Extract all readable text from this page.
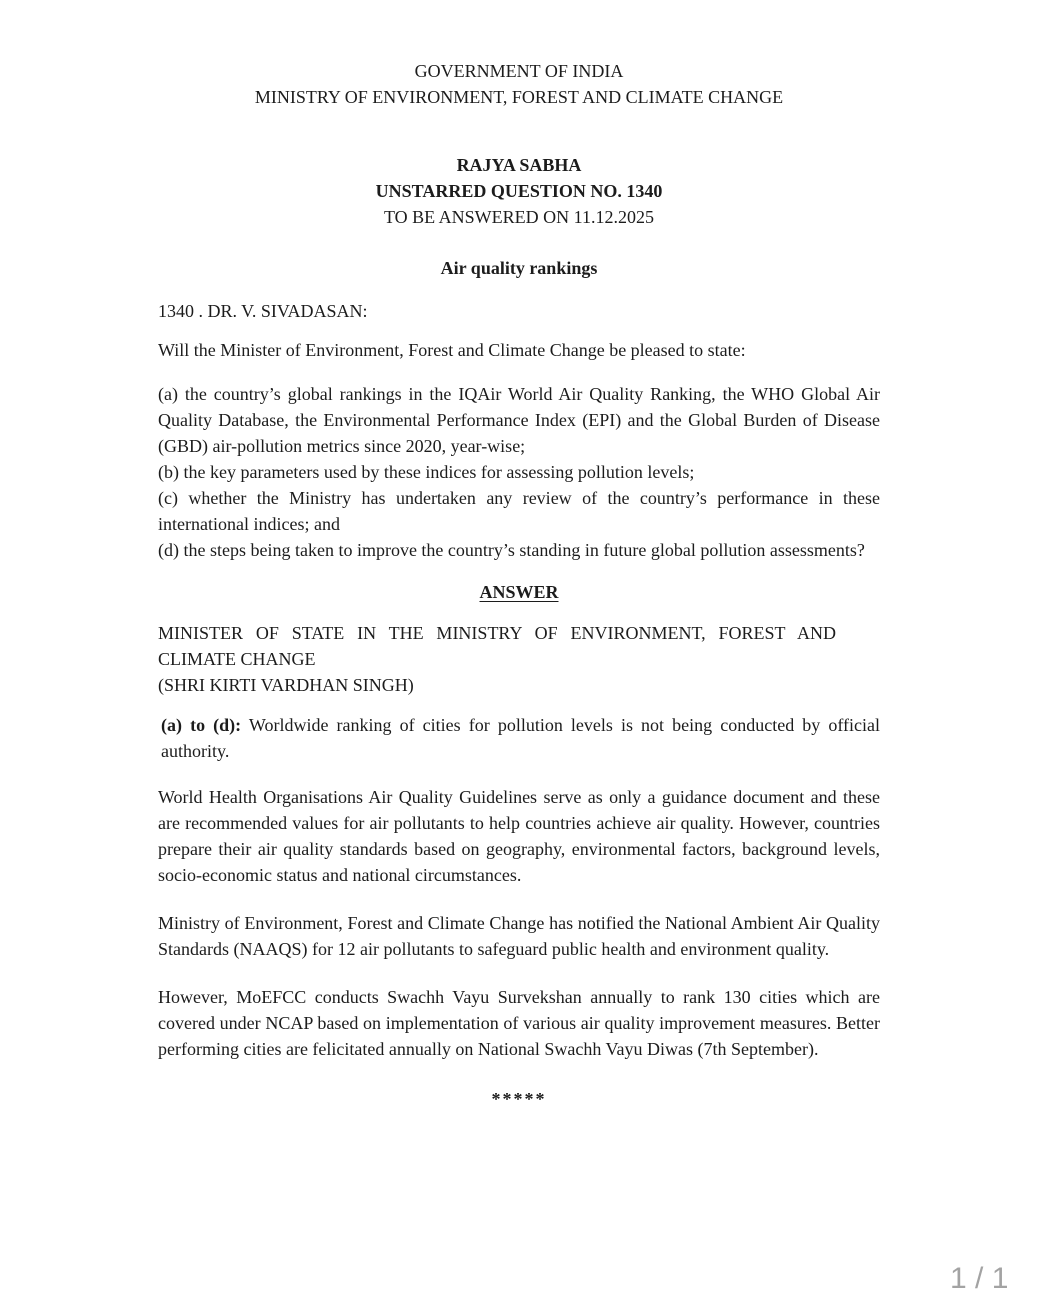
GOVERNMENT OF INDIA
MINISTRY OF ENVIRONMENT, FOREST AND CLIMATE CHANGE
RAJYA SABHA
UNSTARRED QUESTION NO. 1340
TO BE ANSWERED ON 11.12.2025
Air quality rankings
1340 . DR. V. SIVADASAN:
Will the Minister of Environment, Forest and Climate Change be pleased to state:

(a) the country’s global rankings in the IQAir World Air Quality Ranking, the WHO Global Air Quality Database, the Environmental Performance Index (EPI) and the Global Burden of Disease (GBD) air-pollution metrics since 2020, year-wise;

(b) the key parameters used by these indices for assessing pollution levels;

(c) whether the Ministry has undertaken any review of the country’s performance in these international indices; and

(d) the steps being taken to improve the country’s standing in future global pollution assessments?

ANSWER
MINISTER OF STATE IN THE MINISTRY OF ENVIRONMENT, FOREST AND
CLIMATE CHANGE
(SHRI KIRTI VARDHAN SINGH)

(a) to (d): Worldwide ranking of cities for pollution levels is not being conducted by official authority.

World Health Organisations Air Quality Guidelines serve as only a guidance document and these are recommended values for air pollutants to help countries achieve air quality. However, countries prepare their air quality standards based on geography, environmental factors, background levels, socio-economic status and national circumstances.

Ministry of Environment, Forest and Climate Change has notified the National Ambient Air Quality Standards (NAAQS) for 12 air pollutants to safeguard public health and environment quality.

However, MoEFCC conducts Swachh Vayu Survekshan annually to rank 130 cities which are covered under NCAP based on implementation of various air quality improvement measures. Better performing cities are felicitated annually on National Swachh Vayu Diwas (7th September).

*****
1 / 1
